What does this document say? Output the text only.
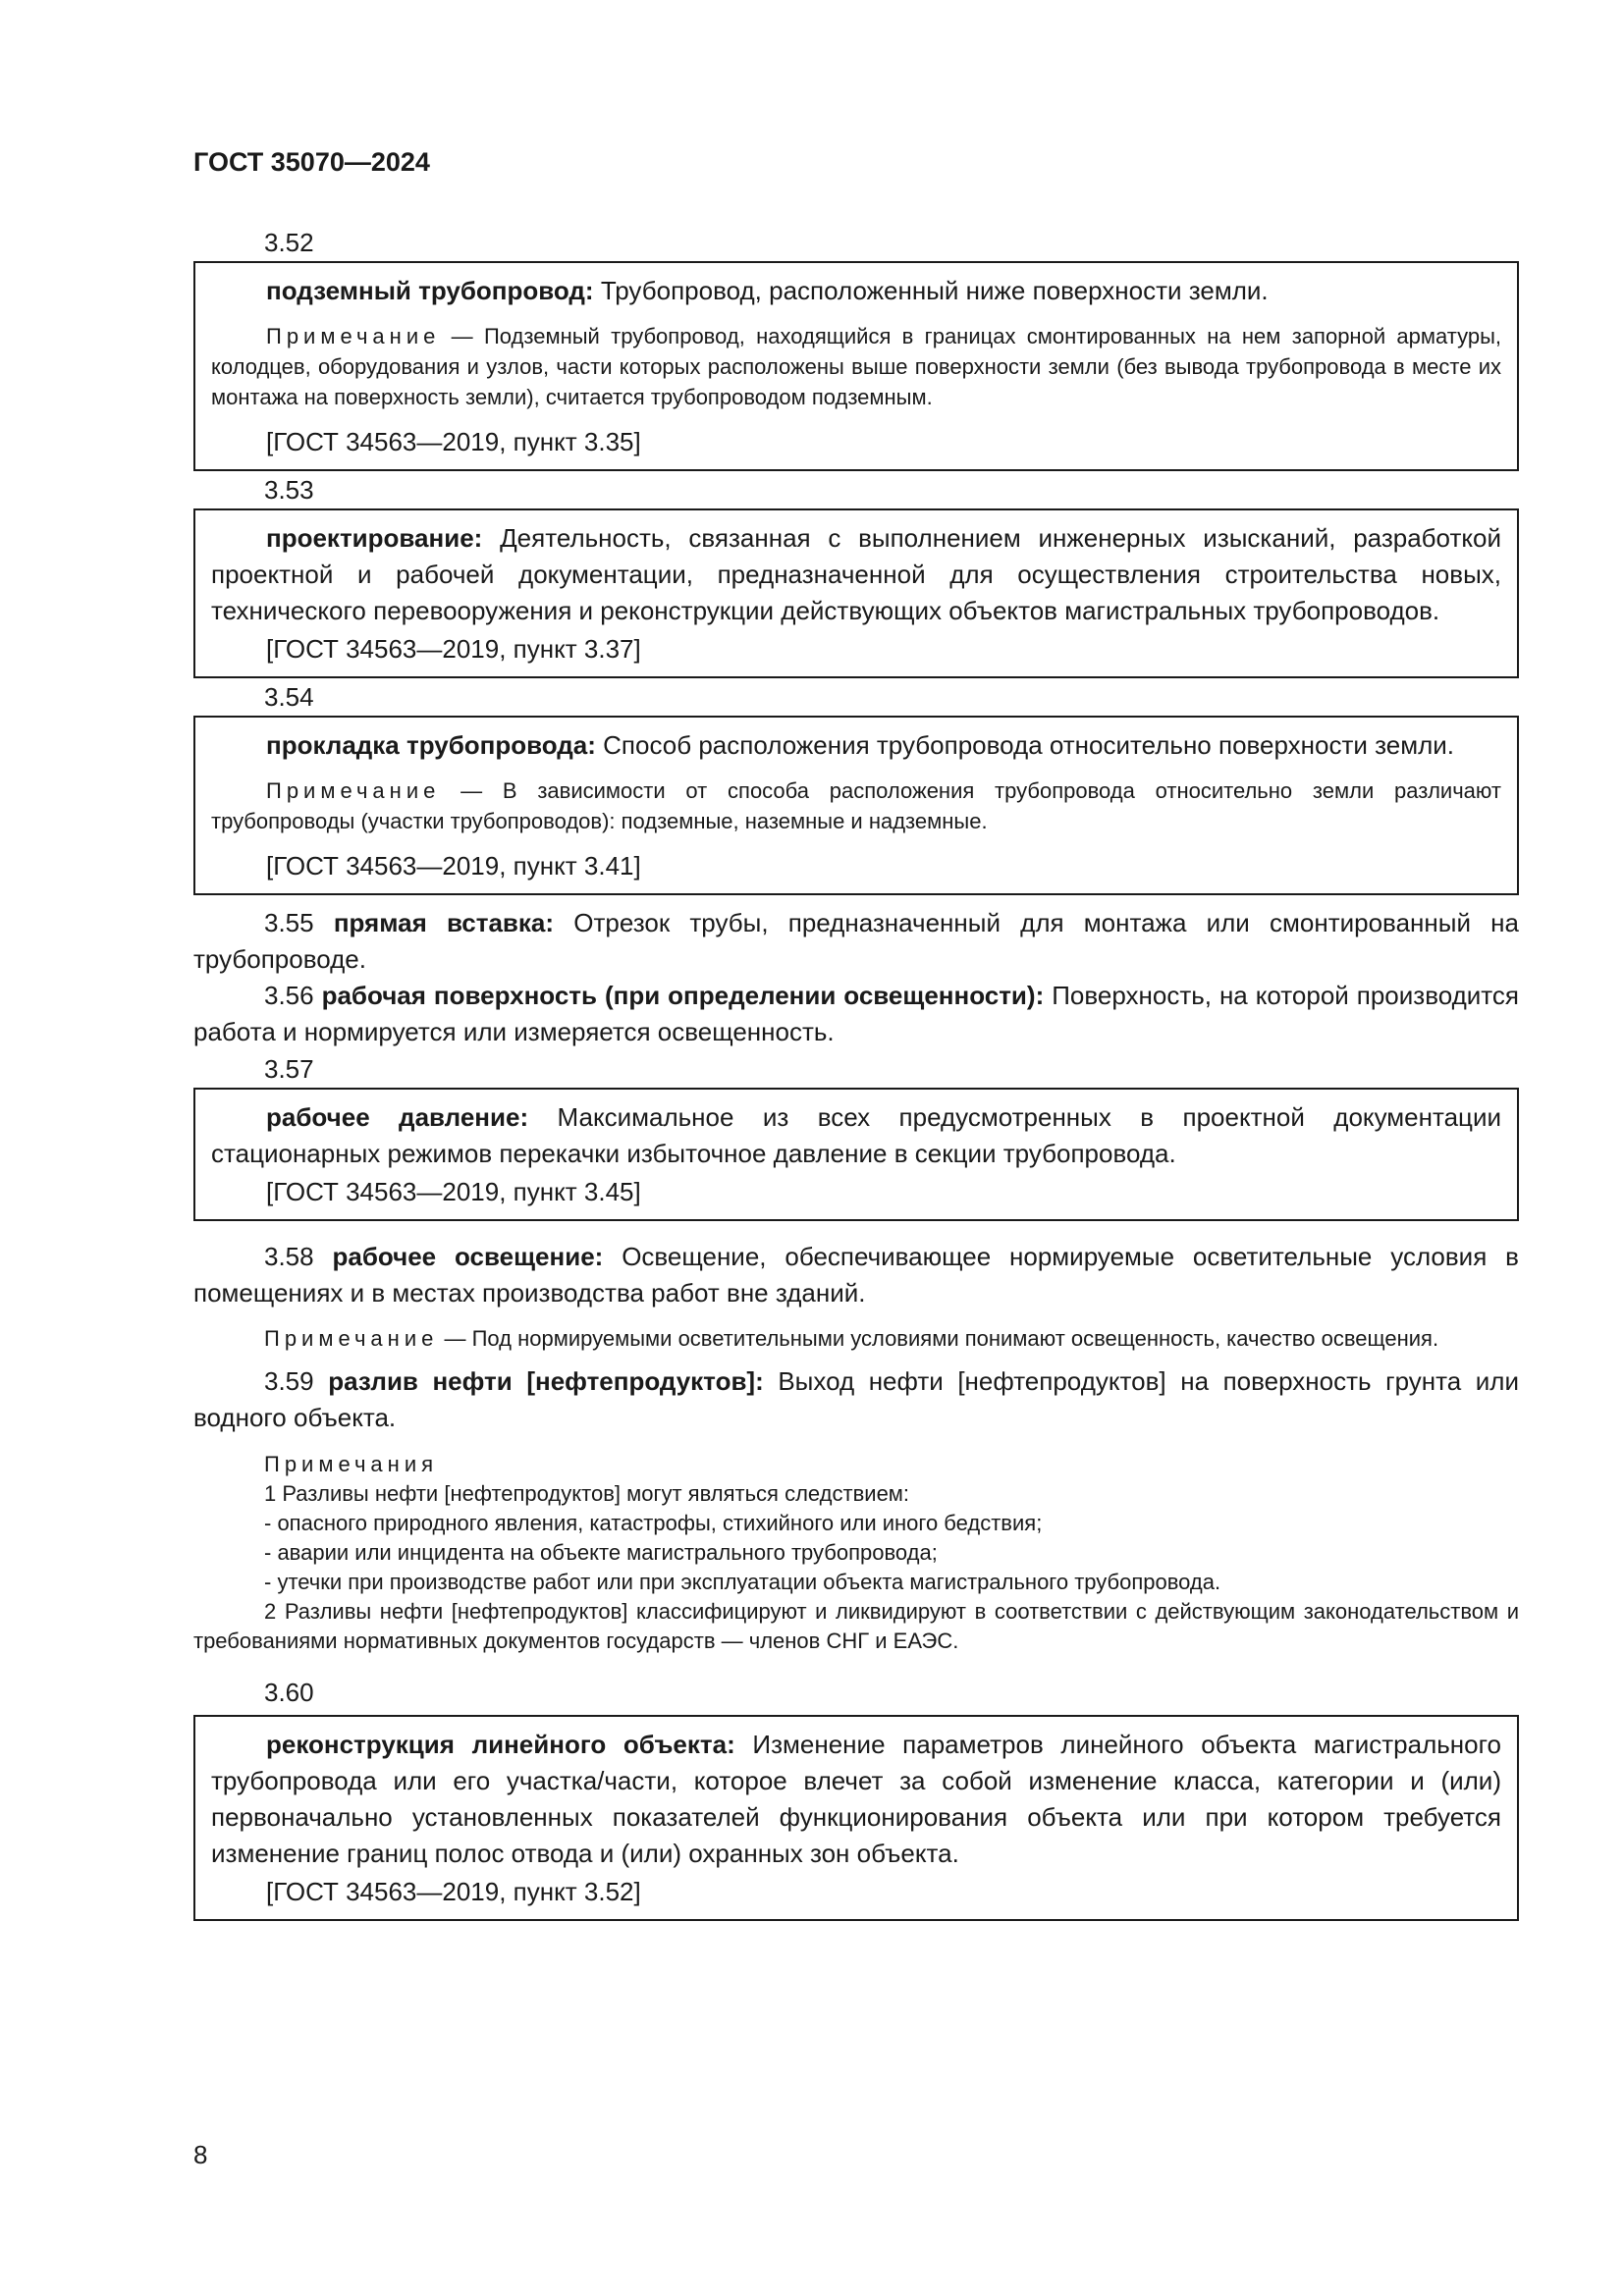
ГОСТ 35070—2024

3.52

подземный трубопровод: Трубопровод, расположенный ниже поверхности земли.

Примечание — Подземный трубопровод, находящийся в границах смонтированных на нем запорной арматуры, колодцев, оборудования и узлов, части которых расположены выше поверхности земли (без вывода трубопровода в месте их монтажа на поверхность земли), считается трубопроводом подземным.

[ГОСТ 34563—2019, пункт 3.35]

3.53

проектирование: Деятельность, связанная с выполнением инженерных изысканий, разработкой проектной и рабочей документации, предназначенной для осуществления строительства новых, технического перевооружения и реконструкции действующих объектов магистральных трубопроводов.

[ГОСТ 34563—2019, пункт 3.37]

3.54

прокладка трубопровода: Способ расположения трубопровода относительно поверхности земли.

Примечание — В зависимости от способа расположения трубопровода относительно земли различают трубопроводы (участки трубопроводов): подземные, наземные и надземные.

[ГОСТ 34563—2019, пункт 3.41]

3.55 прямая вставка: Отрезок трубы, предназначенный для монтажа или смонтированный на трубопроводе.

3.56 рабочая поверхность (при определении освещенности): Поверхность, на которой производится работа и нормируется или измеряется освещенность.

3.57

рабочее давление: Максимальное из всех предусмотренных в проектной документации стационарных режимов перекачки избыточное давление в секции трубопровода.

[ГОСТ 34563—2019, пункт 3.45]

3.58 рабочее освещение: Освещение, обеспечивающее нормируемые осветительные условия в помещениях и в местах производства работ вне зданий.

Примечание — Под нормируемыми осветительными условиями понимают освещенность, качество освещения.

3.59 разлив нефти [нефтепродуктов]: Выход нефти [нефтепродуктов] на поверхность грунта или водного объекта.

Примечания

1 Разливы нефти [нефтепродуктов] могут являться следствием:

- опасного природного явления, катастрофы, стихийного или иного бедствия;

- аварии или инцидента на объекте магистрального трубопровода;

- утечки при производстве работ или при эксплуатации объекта магистрального трубопровода.

2 Разливы нефти [нефтепродуктов] классифицируют и ликвидируют в соответствии с действующим законодательством и требованиями нормативных документов государств — членов СНГ и ЕАЭС.

3.60

реконструкция линейного объекта: Изменение параметров линейного объекта магистрального трубопровода или его участка/части, которое влечет за собой изменение класса, категории и (или) первоначально установленных показателей функционирования объекта или при котором требуется изменение границ полос отвода и (или) охранных зон объекта.

[ГОСТ 34563—2019, пункт 3.52]

8
